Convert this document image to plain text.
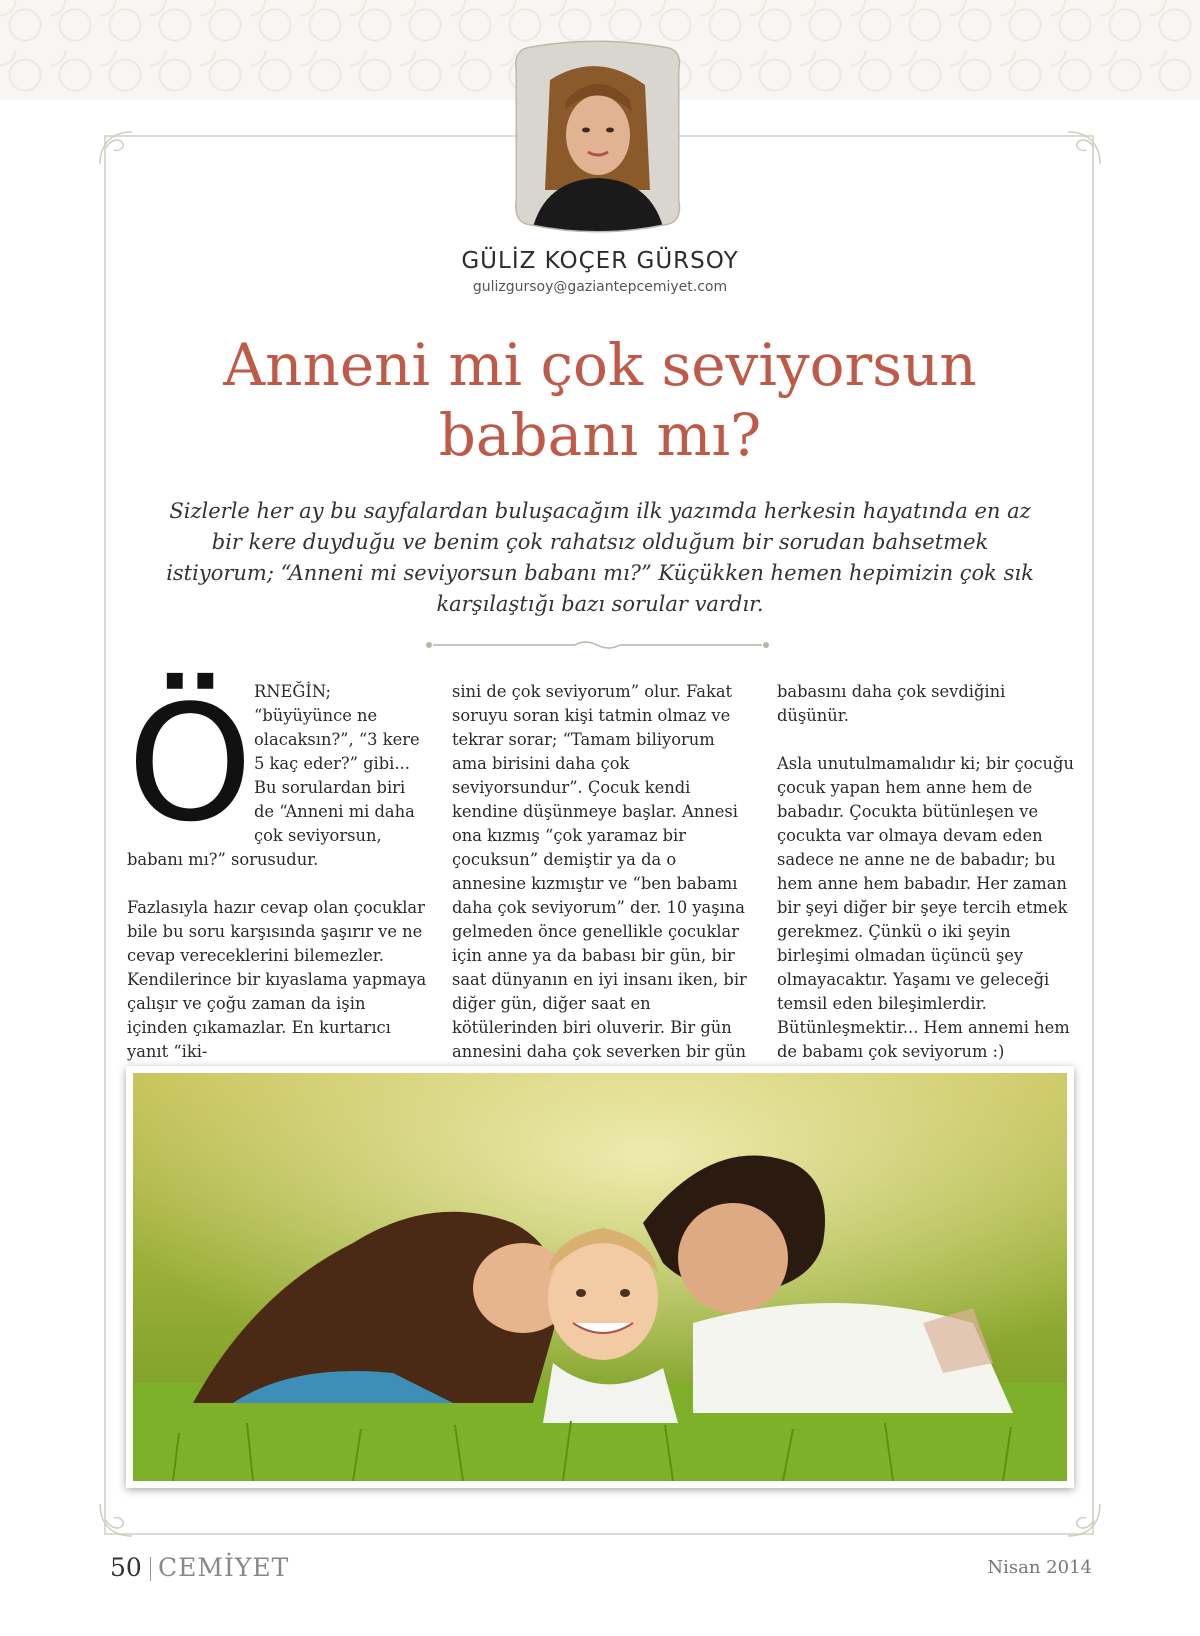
GÜLİZ KOÇER GÜRSOY
gulizgursoy@gaziantepcemiyet.com
Anneni mi çok seviyorsun
babanı mı?
Sizlerle her ay bu sayfalardan buluşacağım ilk yazımda herkesin hayatında en az bir kere duyduğu ve benim çok rahatsız olduğum bir sorudan bahsetmek istiyorum; “Anneni mi seviyorsun babanı mı?” Küçükken hemen hepimizin çok sık karşılaştığı bazı sorular vardır.
Ö RNEĞİN; “büyüyünce ne olacaksın?”, “3 kere 5 kaç eder?” gibi... Bu sorulardan biri de “Anneni mi daha çok seviyorsun, babanı mı?” sorusudur.

Fazlasıyla hazır cevap olan çocuklar bile bu soru karşısında şaşırır ve ne cevap vereceklerini bilemezler. Kendilerince bir kıyaslama yapmaya çalışır ve çoğu zaman da işin içinden çıkamazlar. En kurtarıcı yanıt “iki-

sini de çok seviyorum” olur. Fakat soruyu soran kişi tatmin olmaz ve tekrar sorar; “Tamam biliyorum ama birisini daha çok seviyorsundur”. Çocuk kendi kendine düşünmeye başlar. Annesi ona kızmış “çok yaramaz bir çocuksun” demiştir ya da o annesine kızmıştır ve “ben babamı daha çok seviyorum” der. 10 yaşına gelmeden önce genellikle çocuklar için anne ya da babası bir gün, bir saat dünyanın en iyi insanı iken, bir diğer gün, diğer saat en kötülerinden biri oluverir. Bir gün annesini daha çok severken bir gün

babasını daha çok sevdiğini düşünür.

Asla unutulmamalıdır ki; bir çocuğu çocuk yapan hem anne hem de babadır. Çocukta bütünleşen ve çocukta var olmaya devam eden sadece ne anne ne de babadır; bu hem anne hem babadır. Her zaman bir şeyi diğer bir şeye tercih etmek gerekmez. Çünkü o iki şeyin birleşimi olmadan üçüncü şey olmayacaktır. Yaşamı ve geleceği temsil eden bileşimlerdir. Bütünleşmektir... Hem annemi hem de babamı çok seviyorum :)

50 CEMİYET	Nisan 2014
